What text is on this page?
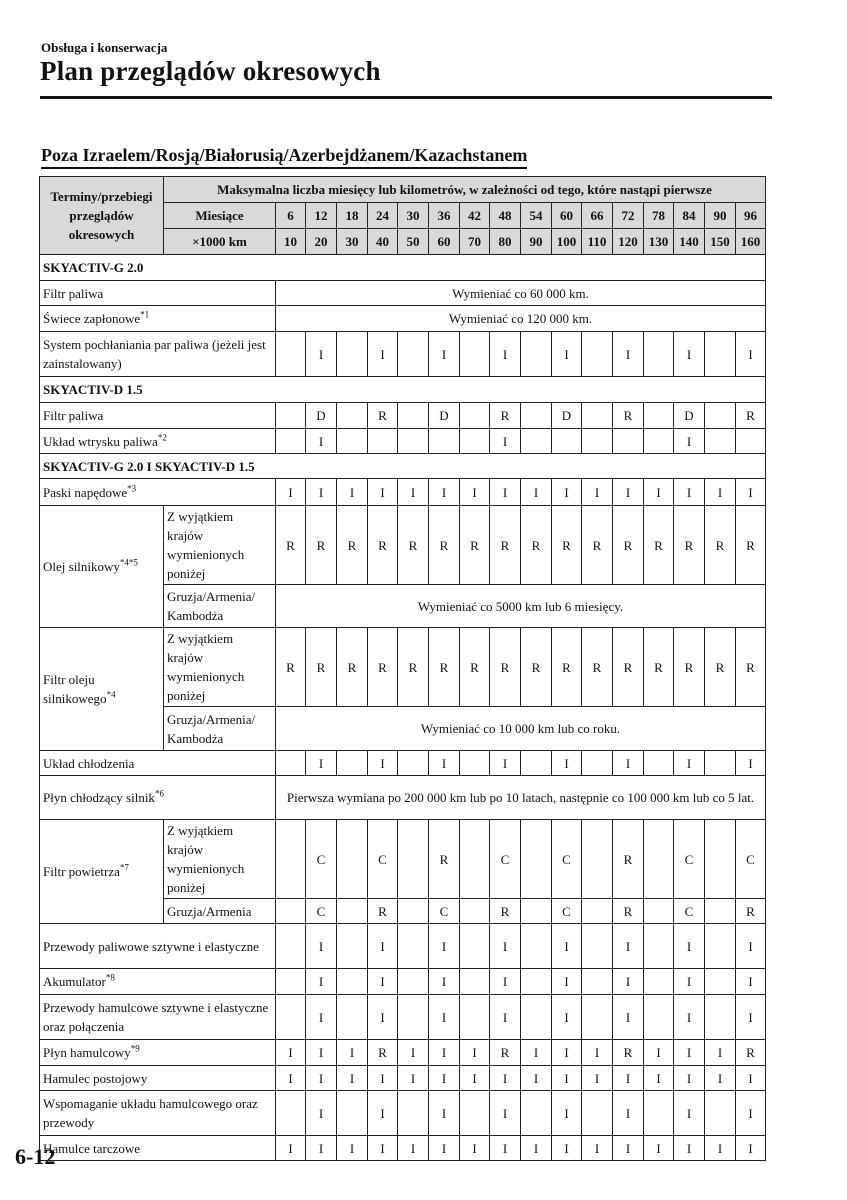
Obsługa i konserwacja
Plan przeglądów okresowych
Poza Izraelem/Rosją/Białorusią/Azerbejdżanem/Kazachstanem
Terminy/przebiegi przeglądów okresowych	Maksymalna liczba miesięcy lub kilometrów, w zależności od tego, które nastąpi pierwsze																
	Miesiące	6	12	18	24	30	36	42	48	54	60	66	72	78	84	90	96
	×1000 km	10	20	30	40	50	60	70	80	90	100	110	120	130	140	150	160
SKYACTIV-G 2.0																	
Filtr paliwa		Wymieniać co 60 000 km.															
Świece zapłonowe$^{*1}$		Wymieniać co 120 000 km.															
System pochłaniania par paliwa (jeżeli jest zainstalowany)			I		I		I		I		I		I		I		I
SKYACTIV-D 1.5																	
Filtr paliwa			D		R		D		R		D		R		D		R
Układ wtrysku paliwa$^{*2}$			I						I						I		
SKYACTIV-G 2.0 I SKYACTIV-D 1.5																	
Paski napędowe$^{*3}$		I	I	I	I	I	I	I	I	I	I	I	I	I	I	I	I
Olej silnikowy$^{*4*5}$	Z wyjątkiem krajów wymienionych poniżej	R	R	R	R	R	R	R	R	R	R	R	R	R	R	R	R
	Gruzja/Armenia/ Kambodża	Wymieniać co 5000 km lub 6 miesięcy.															
Filtr oleju silnikowego$^{*4}$	Z wyjątkiem krajów wymienionych poniżej	R	R	R	R	R	R	R	R	R	R	R	R	R	R	R	R
	Gruzja/Armenia/ Kambodża	Wymieniać co 10 000 km lub co roku.															
Układ chłodzenia			I		I		I		I		I		I		I		I
Płyn chłodzący silnik$^{*6}$		Pierwsza wymiana po 200 000 km lub po 10 latach, następnie co 100 000 km lub co 5 lat.															
Filtr powietrza$^{*7}$	Z wyjątkiem krajów wymienionych poniżej		C		C		R		C		C		R		C		C
	Gruzja/Armenia		C		R		C		R		C		R		C		R
Przewody paliwowe sztywne i elastyczne			I		I		I		I		I		I		I		I
Akumulator$^{*8}$			I		I		I		I		I		I		I		I
Przewody hamulcowe sztywne i elastyczne oraz połączenia			I		I		I		I		I		I		I		I
Płyn hamulcowy$^{*9}$		I	I	I	R	I	I	I	R	I	I	I	R	I	I	I	R
Hamulec postojowy		I	I	I	I	I	I	I	I	I	I	I	I	I	I	I	I
Wspomaganie układu hamulcowego oraz przewody			I		I		I		I		I		I		I		I
Hamulce tarczowe		I	I	I	I	I	I	I	I	I	I	I	I	I	I	I	I
6-12
